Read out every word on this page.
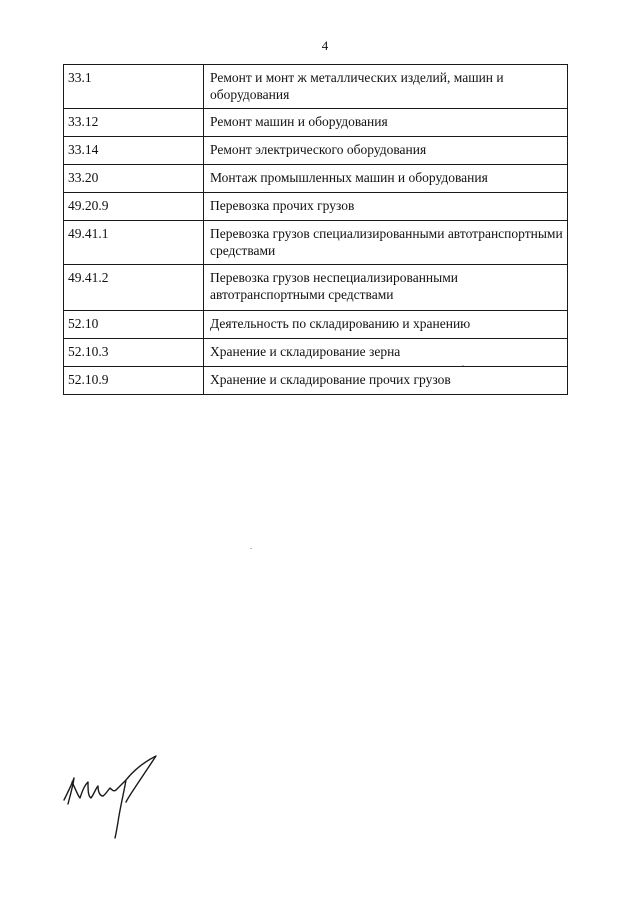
4
33.1	Ремонт и монт ж металлических изделий, машин и оборудования
33.12	Ремонт машин и оборудования
33.14	Ремонт электрического оборудования
33.20	Монтаж промышленных машин и оборудования
49.20.9	Перевозка прочих грузов
49.41.1	Перевозка грузов специализированными автотранспортными средствами
49.41.2	Перевозка грузов неспециализированными автотранспортными средствами
52.10	Деятельность по складированию и хранению
52.10.3	Хранение и складирование зерна
52.10.9	Хранение и складирование прочих грузов
